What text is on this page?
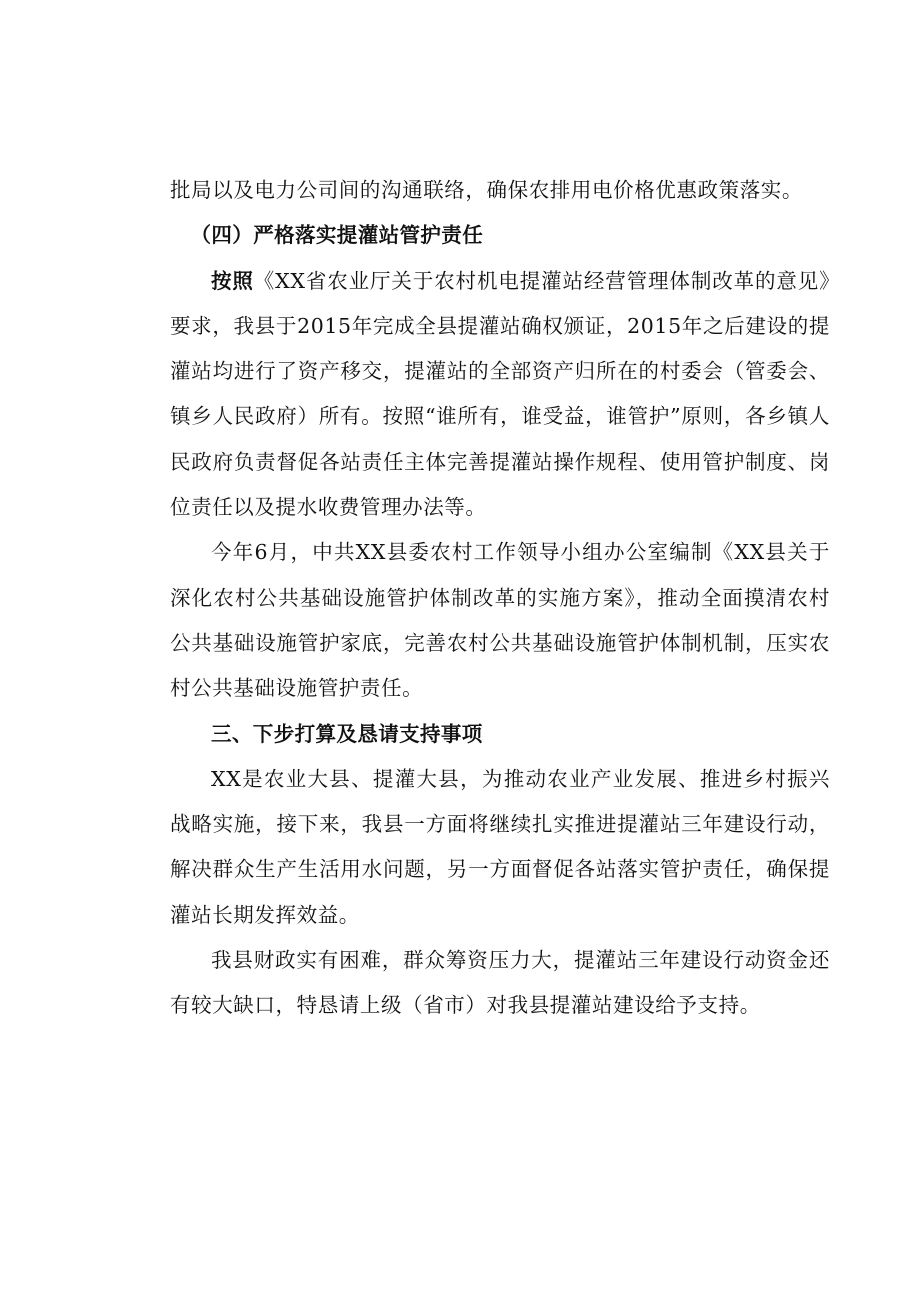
批局以及电力公司间的沟通联络，确保农排用电价格优惠政策落实。

（四）严格落实提灌站管护责任

按照《XX省农业厅关于农村机电提灌站经营管理体制改革的意见》要求，我县于2015年完成全县提灌站确权颁证，2015年之后建设的提灌站均进行了资产移交，提灌站的全部资产归所在的村委会（管委会、镇乡人民政府）所有。按照“谁所有，谁受益，谁管护”原则，各乡镇人民政府负责督促各站责任主体完善提灌站操作规程、使用管护制度、岗位责任以及提水收费管理办法等。

今年6月，中共XX县委农村工作领导小组办公室编制《XX县关于深化农村公共基础设施管护体制改革的实施方案》，推动全面摸清农村公共基础设施管护家底，完善农村公共基础设施管护体制机制，压实农村公共基础设施管护责任。

三、下步打算及恳请支持事项

XX是农业大县、提灌大县，为推动农业产业发展、推进乡村振兴战略实施，接下来，我县一方面将继续扎实推进提灌站三年建设行动，解决群众生产生活用水问题，另一方面督促各站落实管护责任，确保提灌站长期发挥效益。

我县财政实有困难，群众筹资压力大，提灌站三年建设行动资金还有较大缺口，特恳请上级（省市）对我县提灌站建设给予支持。
